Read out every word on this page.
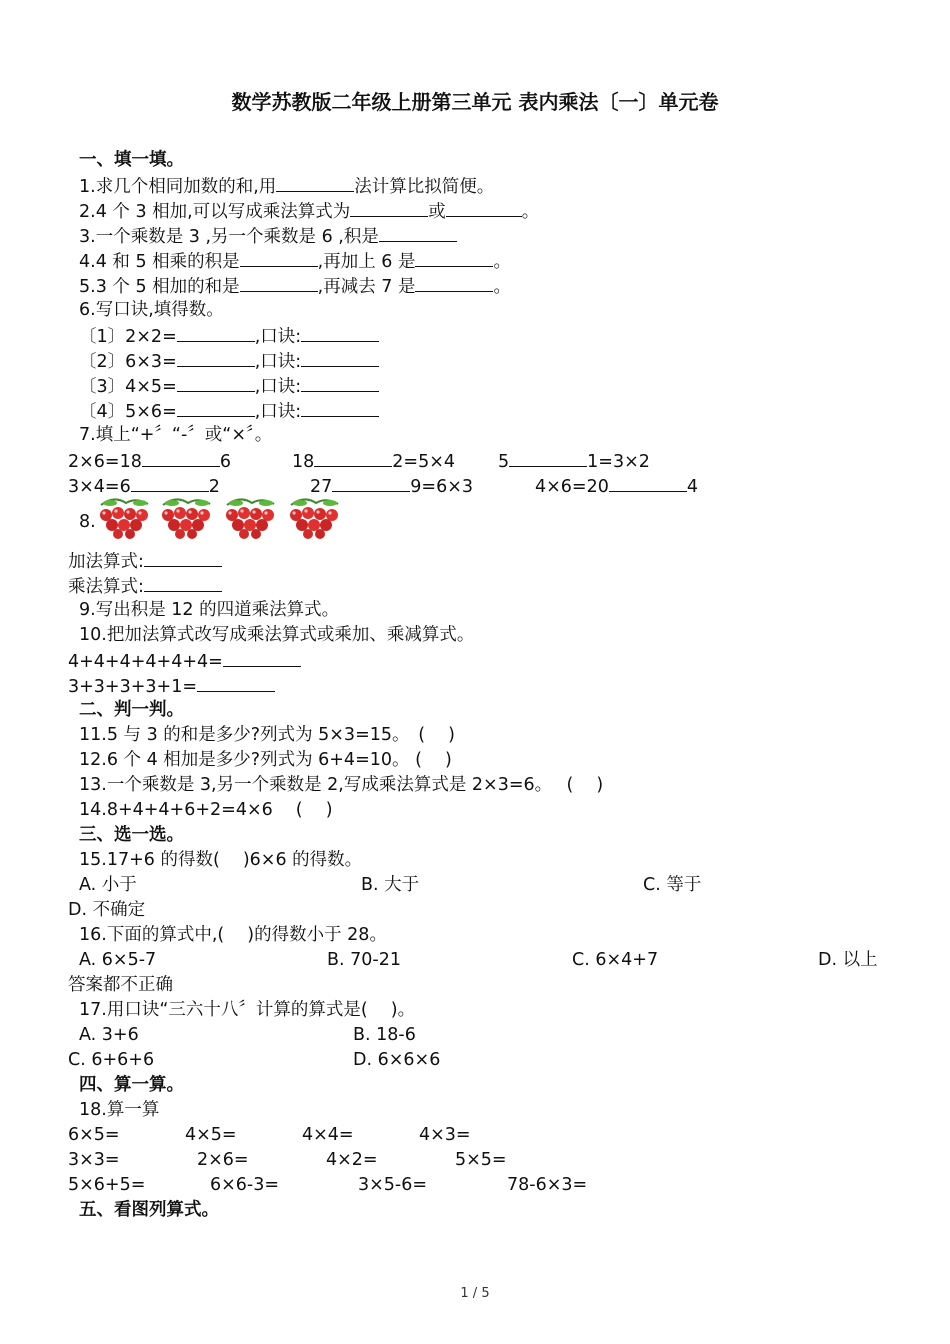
数学苏教版二年级上册第三单元 表内乘法〔一〕单元卷
一、填一填。
1.求几个相同加数的和,用	法计算比拟简便。
2.4 个 3 相加,可以写成乘法算式为	或	。
3.一个乘数是 3 ,另一个乘数是 6 ,积是
4.4 和 5 相乘的积是	,再加上 6 是	。
5.3 个 5 相加的和是	,再减去 7 是	。
6.写口诀,填得数。
〔1〕2×2=	,口诀:
〔2〕6×3=	,口诀:
〔3〕4×5=	,口诀:
〔4〕5×6=	,口诀:
7.填上“+〞“-〞或“×〞。
2×6=18	6	18	2=5×4 5	1=3×2
3×4=6	2	27	9=6×3	4×6=20	4
8.
加法算式:
乘法算式:
9.写出积是 12 的四道乘法算式。
10.把加法算式改写成乘法算式或乘加、乘减算式。
4+4+4+4+4+4=
3+3+3+3+1=
二、判一判。
11.5 与 3 的和是多少?列式为 5×3=15。　(　 )
12.6 个 4 相加是多少?列式为 6+4=10。 (　 )
13.一个乘数是 3,另一个乘数是 2,写成乘法算式是 2×3=6。　 (　 )
14.8+4+4+6+2=4×6　 (　 )
三、选一选。
15.17+6 的得数(　 )6×6 的得数。
A. 小于	B. 大于	C. 等于
D. 不确定
16.下面的算式中,(　 )的得数小于 28。
A. 6×5-7	B. 70-21	C. 6×4+7	D. 以上
答案都不正确
17.用口诀“三六十八〞计算的算式是(　 )。
A. 3+6	B. 18-6
C. 6+6+6	D. 6×6×6
四、算一算。
18.算一算
6×5=	4×5=	4×4=	4×3=
3×3=	2×6=	4×2=	5×5=
5×6+5=	6×6-3=	3×5-6=	78-6×3=
五、看图列算式。
1 / 5
